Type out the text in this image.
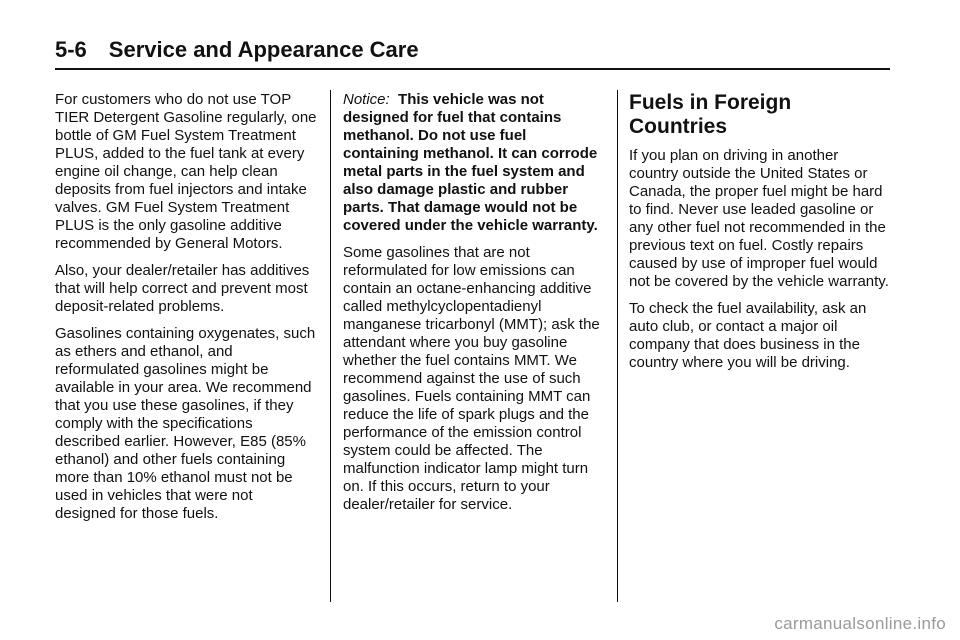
5-6 Service and Appearance Care

For customers who do not use TOP TIER Detergent Gasoline regularly, one bottle of GM Fuel System Treatment PLUS, added to the fuel tank at every engine oil change, can help clean deposits from fuel injectors and intake valves. GM Fuel System Treatment PLUS is the only gasoline additive recommended by General Motors.

Also, your dealer/retailer has additives that will help correct and prevent most deposit-related problems.

Gasolines containing oxygenates, such as ethers and ethanol, and reformulated gasolines might be available in your area. We recommend that you use these gasolines, if they comply with the specifications described earlier. However, E85 (85% ethanol) and other fuels containing more than 10% ethanol must not be used in vehicles that were not designed for those fuels.

Notice: This vehicle was not designed for fuel that contains methanol. Do not use fuel containing methanol. It can corrode metal parts in the fuel system and also damage plastic and rubber parts. That damage would not be covered under the vehicle warranty.

Some gasolines that are not reformulated for low emissions can contain an octane-enhancing additive called methylcyclopentadienyl manganese tricarbonyl (MMT); ask the attendant where you buy gasoline whether the fuel contains MMT. We recommend against the use of such gasolines. Fuels containing MMT can reduce the life of spark plugs and the performance of the emission control system could be affected. The malfunction indicator lamp might turn on. If this occurs, return to your dealer/retailer for service.

Fuels in Foreign Countries

If you plan on driving in another country outside the United States or Canada, the proper fuel might be hard to find. Never use leaded gasoline or any other fuel not recommended in the previous text on fuel. Costly repairs caused by use of improper fuel would not be covered by the vehicle warranty.

To check the fuel availability, ask an auto club, or contact a major oil company that does business in the country where you will be driving.

carmanualsonline.info
